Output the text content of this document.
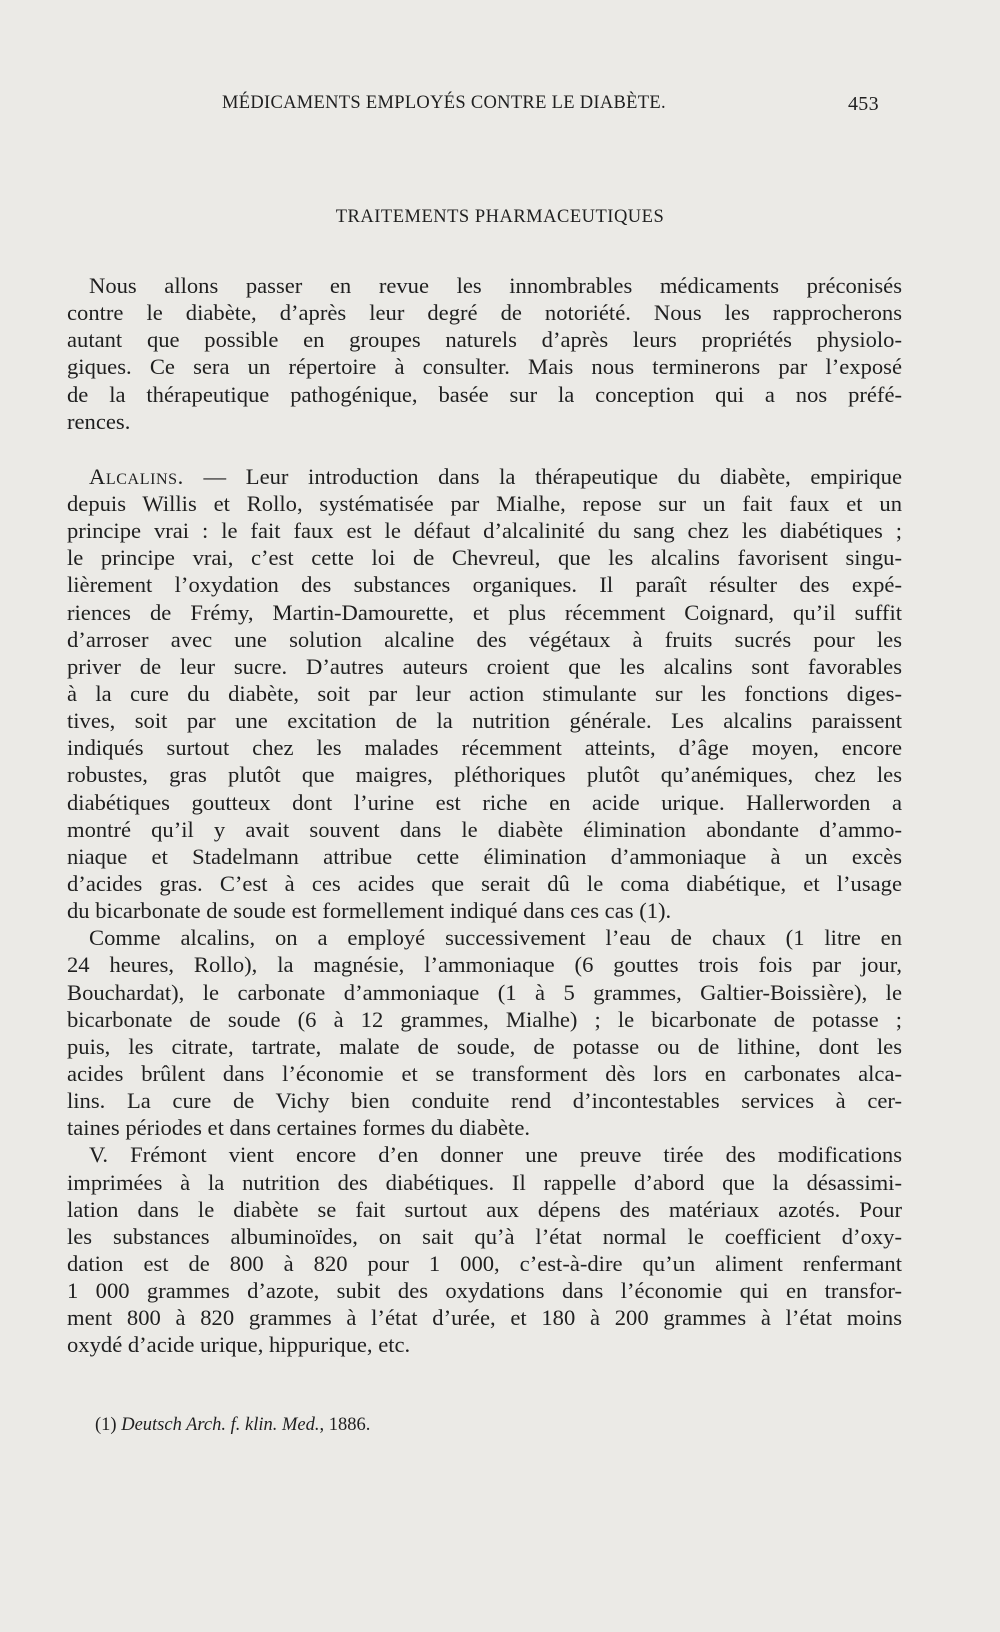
MÉDICAMENTS EMPLOYÉS CONTRE LE DIABÈTE.	453
TRAITEMENTS PHARMACEUTIQUES
Nous allons passer en revue les innombrables médicaments préconisés
contre le diabète, d’après leur degré de notoriété. Nous les rapprocherons
autant que possible en groupes naturels d’après leurs propriétés physiolo-
giques. Ce sera un répertoire à consulter. Mais nous terminerons par l’exposé
de la thérapeutique pathogénique, basée sur la conception qui a nos préfé-
rences.
Alcalins. — Leur introduction dans la thérapeutique du diabète, empirique
depuis Willis et Rollo, systématisée par Mialhe, repose sur un fait faux et un
principe vrai : le fait faux est le défaut d’alcalinité du sang chez les diabétiques ;
le principe vrai, c’est cette loi de Chevreul, que les alcalins favorisent singu-
lièrement l’oxydation des substances organiques. Il paraît résulter des expé-
riences de Frémy, Martin-Damourette, et plus récemment Coignard, qu’il suffit
d’arroser avec une solution alcaline des végétaux à fruits sucrés pour les
priver de leur sucre. D’autres auteurs croient que les alcalins sont favorables
à la cure du diabète, soit par leur action stimulante sur les fonctions diges-
tives, soit par une excitation de la nutrition générale. Les alcalins paraissent
indiqués surtout chez les malades récemment atteints, d’âge moyen, encore
robustes, gras plutôt que maigres, pléthoriques plutôt qu’anémiques, chez les
diabétiques goutteux dont l’urine est riche en acide urique. Hallerworden a
montré qu’il y avait souvent dans le diabète élimination abondante d’ammo-
niaque et Stadelmann attribue cette élimination d’ammoniaque à un excès
d’acides gras. C’est à ces acides que serait dû le coma diabétique, et l’usage
du bicarbonate de soude est formellement indiqué dans ces cas (1).
Comme alcalins, on a employé successivement l’eau de chaux (1 litre en
24 heures, Rollo), la magnésie, l’ammoniaque (6 gouttes trois fois par jour,
Bouchardat), le carbonate d’ammoniaque (1 à 5 grammes, Galtier-Boissière), le
bicarbonate de soude (6 à 12 grammes, Mialhe) ; le bicarbonate de potasse ;
puis, les citrate, tartrate, malate de soude, de potasse ou de lithine, dont les
acides brûlent dans l’économie et se transforment dès lors en carbonates alca-
lins. La cure de Vichy bien conduite rend d’incontestables services à cer-
taines périodes et dans certaines formes du diabète.
V. Frémont vient encore d’en donner une preuve tirée des modifications
imprimées à la nutrition des diabétiques. Il rappelle d’abord que la désassimi-
lation dans le diabète se fait surtout aux dépens des matériaux azotés. Pour
les substances albuminoïdes, on sait qu’à l’état normal le coefficient d’oxy-
dation est de 800 à 820 pour 1 000, c’est-à-dire qu’un aliment renfermant
1 000 grammes d’azote, subit des oxydations dans l’économie qui en transfor-
ment 800 à 820 grammes à l’état d’urée, et 180 à 200 grammes à l’état moins
oxydé d’acide urique, hippurique, etc.
(1) Deutsch Arch. f. klin. Med., 1886.
